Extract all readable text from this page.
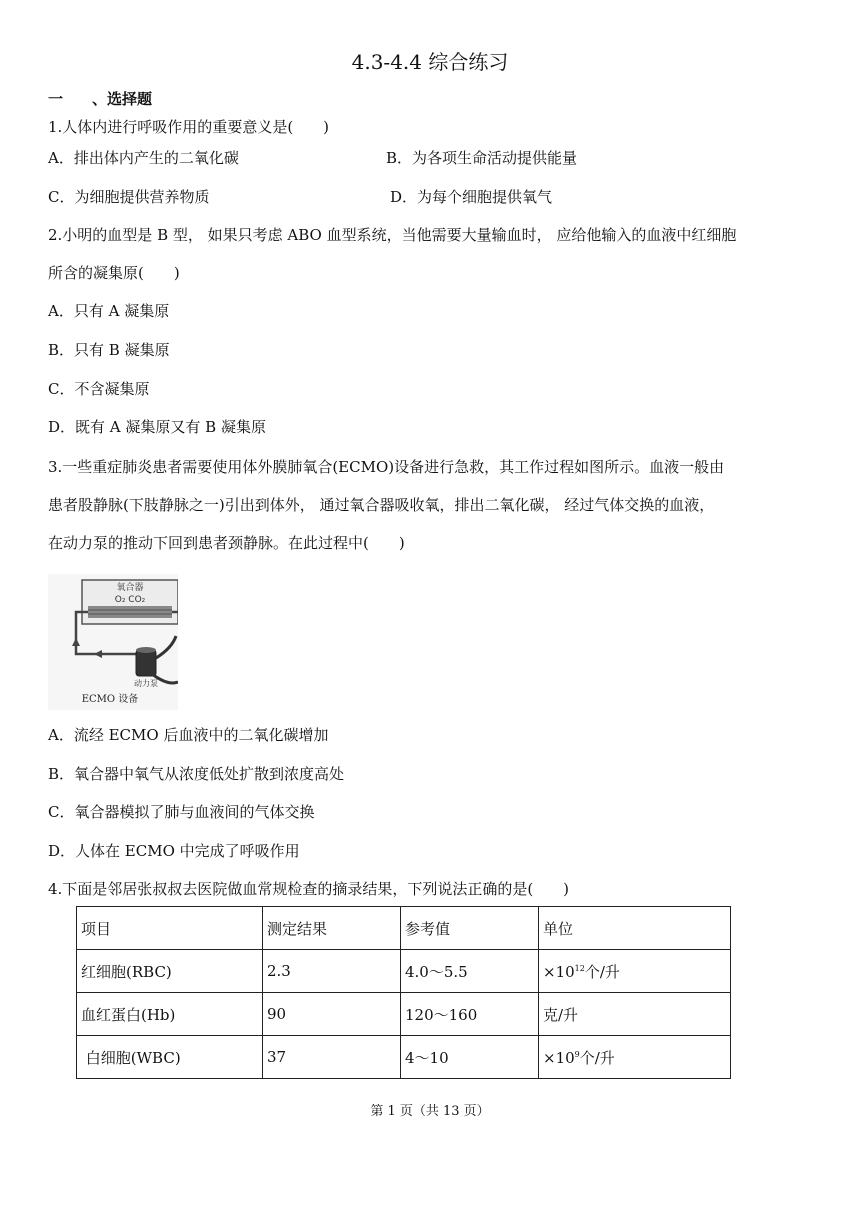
4.3-4.4 综合练习
一 、选择题
1.人体内进行呼吸作用的重要意义是(　　)
A．排出体内产生的二氧化碳	B．为各项生命活动提供能量
C．为细胞提供营养物质	D．为每个细胞提供氧气
2.小明的血型是 B 型， 如果只考虑 ABO 血型系统，当他需要大量输血时， 应给他输入的血液中红细胞
所含的凝集原(　　)
A．只有 A 凝集原
B．只有 B 凝集原
C．不含凝集原
D．既有 A 凝集原又有 B 凝集原
3.一些重症肺炎患者需要使用体外膜肺氧合(ECMO)设备进行急救，其工作过程如图所示。血液一般由
患者股静脉(下肢静脉之一)引出到体外， 通过氧合器吸收氧，排出二氧化碳， 经过气体交换的血液，
在动力泵的推动下回到患者颈静脉。在此过程中(　　)
氧合器
O₂ CO₂
动力泵
ECMO 设备
A．流经 ECMO 后血液中的二氧化碳增加
B．氧合器中氧气从浓度低处扩散到浓度高处
C．氧合器模拟了肺与血液间的气体交换
D．人体在 ECMO 中完成了呼吸作用
4.下面是邻居张叔叔去医院做血常规检查的摘录结果，下列说法正确的是(　　)
项目	测定结果	参考值	单位
红细胞(RBC)	2.3	4.0～5.5	$\times 10^{12}$个/升
血红蛋白(Hb)	90	120～160	克/升
白细胞(WBC)	37	4～10	$\times 10^9$个/升
第 1 页（共 13 页）
